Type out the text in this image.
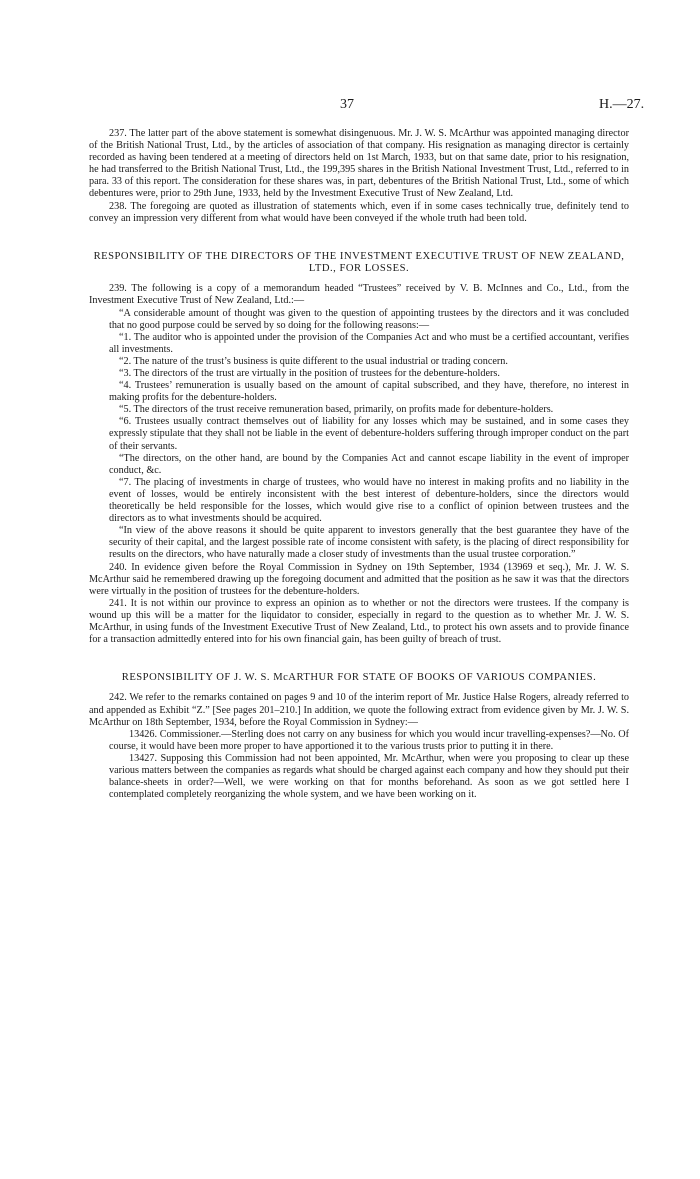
37	H.—27.

237. The latter part of the above statement is somewhat disingenuous. Mr. J. W. S. McArthur was appointed managing director of the British National Trust, Ltd., by the articles of association of that company. His resignation as managing director is certainly recorded as having been tendered at a meeting of directors held on 1st March, 1933, but on that same date, prior to his resignation, he had transferred to the British National Trust, Ltd., the 199,395 shares in the British National Investment Trust, Ltd., referred to in para. 33 of this report. The consideration for these shares was, in part, debentures of the British National Trust, Ltd., some of which debentures were, prior to 29th June, 1933, held by the Investment Executive Trust of New Zealand, Ltd.

238. The foregoing are quoted as illustration of statements which, even if in some cases technically true, definitely tend to convey an impression very different from what would have been conveyed if the whole truth had been told.

RESPONSIBILITY OF THE DIRECTORS OF THE INVESTMENT EXECUTIVE TRUST OF NEW ZEALAND, LTD., FOR LOSSES.

239. The following is a copy of a memorandum headed “Trustees” received by V. B. McInnes and Co., Ltd., from the Investment Executive Trust of New Zealand, Ltd.:—

“A considerable amount of thought was given to the question of appointing trustees by the directors and it was concluded that no good purpose could be served by so doing for the following reasons:—

“1. The auditor who is appointed under the provision of the Companies Act and who must be a certified accountant, verifies all investments.

“2. The nature of the trust’s business is quite different to the usual industrial or trading concern.

“3. The directors of the trust are virtually in the position of trustees for the debenture-holders.

“4. Trustees’ remuneration is usually based on the amount of capital subscribed, and they have, therefore, no interest in making profits for the debenture-holders.

“5. The directors of the trust receive remuneration based, primarily, on profits made for debenture-holders.

“6. Trustees usually contract themselves out of liability for any losses which may be sustained, and in some cases they expressly stipulate that they shall not be liable in the event of debenture-holders suffering through improper conduct on the part of their servants.

“The directors, on the other hand, are bound by the Companies Act and cannot escape liability in the event of improper conduct, &c.

“7. The placing of investments in charge of trustees, who would have no interest in making profits and no liability in the event of losses, would be entirely inconsistent with the best interest of debenture-holders, since the directors would theoretically be held responsible for the losses, which would give rise to a conflict of opinion between trustees and the directors as to what investments should be acquired.

“In view of the above reasons it should be quite apparent to investors generally that the best guarantee they have of the security of their capital, and the largest possible rate of income consistent with safety, is the placing of direct responsibility for results on the directors, who have naturally made a closer study of investments than the usual trustee corporation.”

240. In evidence given before the Royal Commission in Sydney on 19th September, 1934 (13969 et seq.), Mr. J. W. S. McArthur said he remembered drawing up the foregoing document and admitted that the position as he saw it was that the directors were virtually in the position of trustees for the debenture-holders.

241. It is not within our province to express an opinion as to whether or not the directors were trustees. If the company is wound up this will be a matter for the liquidator to consider, especially in regard to the question as to whether Mr. J. W. S. McArthur, in using funds of the Investment Executive Trust of New Zealand, Ltd., to protect his own assets and to provide finance for a transaction admittedly entered into for his own financial gain, has been guilty of breach of trust.

RESPONSIBILITY OF J. W. S. McARTHUR FOR STATE OF BOOKS OF VARIOUS COMPANIES.

242. We refer to the remarks contained on pages 9 and 10 of the interim report of Mr. Justice Halse Rogers, already referred to and appended as Exhibit “Z.” [See pages 201–210.] In addition, we quote the following extract from evidence given by Mr. J. W. S. McArthur on 18th September, 1934, before the Royal Commission in Sydney:—

13426. Commissioner.—Sterling does not carry on any business for which you would incur travelling-expenses?—No. Of course, it would have been more proper to have apportioned it to the various trusts prior to putting it in there.

13427. Supposing this Commission had not been appointed, Mr. McArthur, when were you proposing to clear up these various matters between the companies as regards what should be charged against each company and how they should put their balance-sheets in order?—Well, we were working on that for months beforehand. As soon as we got settled here I contemplated completely reorganizing the whole system, and we have been working on it.
